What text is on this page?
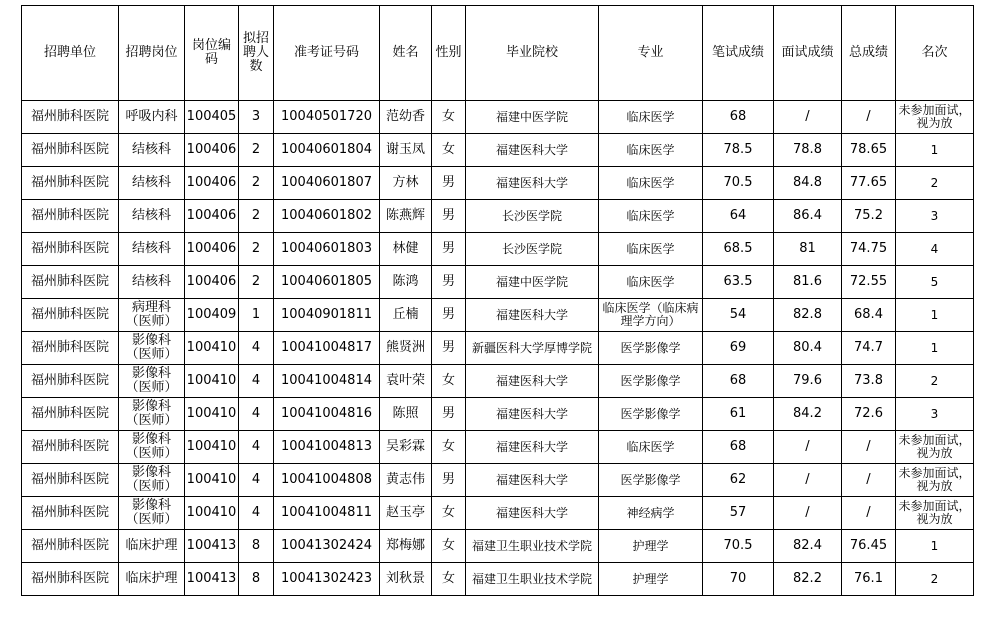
招聘单位	招聘岗位	岗位编码	拟招聘人数	准考证号码	姓名	性别	毕业院校	专业	笔试成绩	面试成绩	总成绩	名次
福州肺科医院	呼吸内科	100405	3	10040501720	范幼香	女	福建中医学院	临床医学	68	/	/	未参加面试，视为放
福州肺科医院	结核科	100406	2	10040601804	谢玉凤	女	福建医科大学	临床医学	78.5	78.8	78.65	1
福州肺科医院	结核科	100406	2	10040601807	方林	男	福建医科大学	临床医学	70.5	84.8	77.65	2
福州肺科医院	结核科	100406	2	10040601802	陈燕辉	男	长沙医学院	临床医学	64	86.4	75.2	3
福州肺科医院	结核科	100406	2	10040601803	林健	男	长沙医学院	临床医学	68.5	81	74.75	4
福州肺科医院	结核科	100406	2	10040601805	陈鸿	男	福建中医学院	临床医学	63.5	81.6	72.55	5
福州肺科医院	病理科（医师）	100409	1	10040901811	丘楠	男	福建医科大学	临床医学（临床病理学方向）	54	82.8	68.4	1
福州肺科医院	影像科（医师）	100410	4	10041004817	熊贤洲	男	新疆医科大学厚博学院	医学影像学	69	80.4	74.7	1
福州肺科医院	影像科（医师）	100410	4	10041004814	袁叶荣	女	福建医科大学	医学影像学	68	79.6	73.8	2
福州肺科医院	影像科（医师）	100410	4	10041004816	陈照	男	福建医科大学	医学影像学	61	84.2	72.6	3
福州肺科医院	影像科（医师）	100410	4	10041004813	吴彩霖	女	福建医科大学	临床医学	68	/	/	未参加面试，视为放
福州肺科医院	影像科（医师）	100410	4	10041004808	黄志伟	男	福建医科大学	医学影像学	62	/	/	未参加面试，视为放
福州肺科医院	影像科（医师）	100410	4	10041004811	赵玉亭	女	福建医科大学	神经病学	57	/	/	未参加面试，视为放
福州肺科医院	临床护理	100413	8	10041302424	郑梅娜	女	福建卫生职业技术学院	护理学	70.5	82.4	76.45	1
福州肺科医院	临床护理	100413	8	10041302423	刘秋景	女	福建卫生职业技术学院	护理学	70	82.2	76.1	2
